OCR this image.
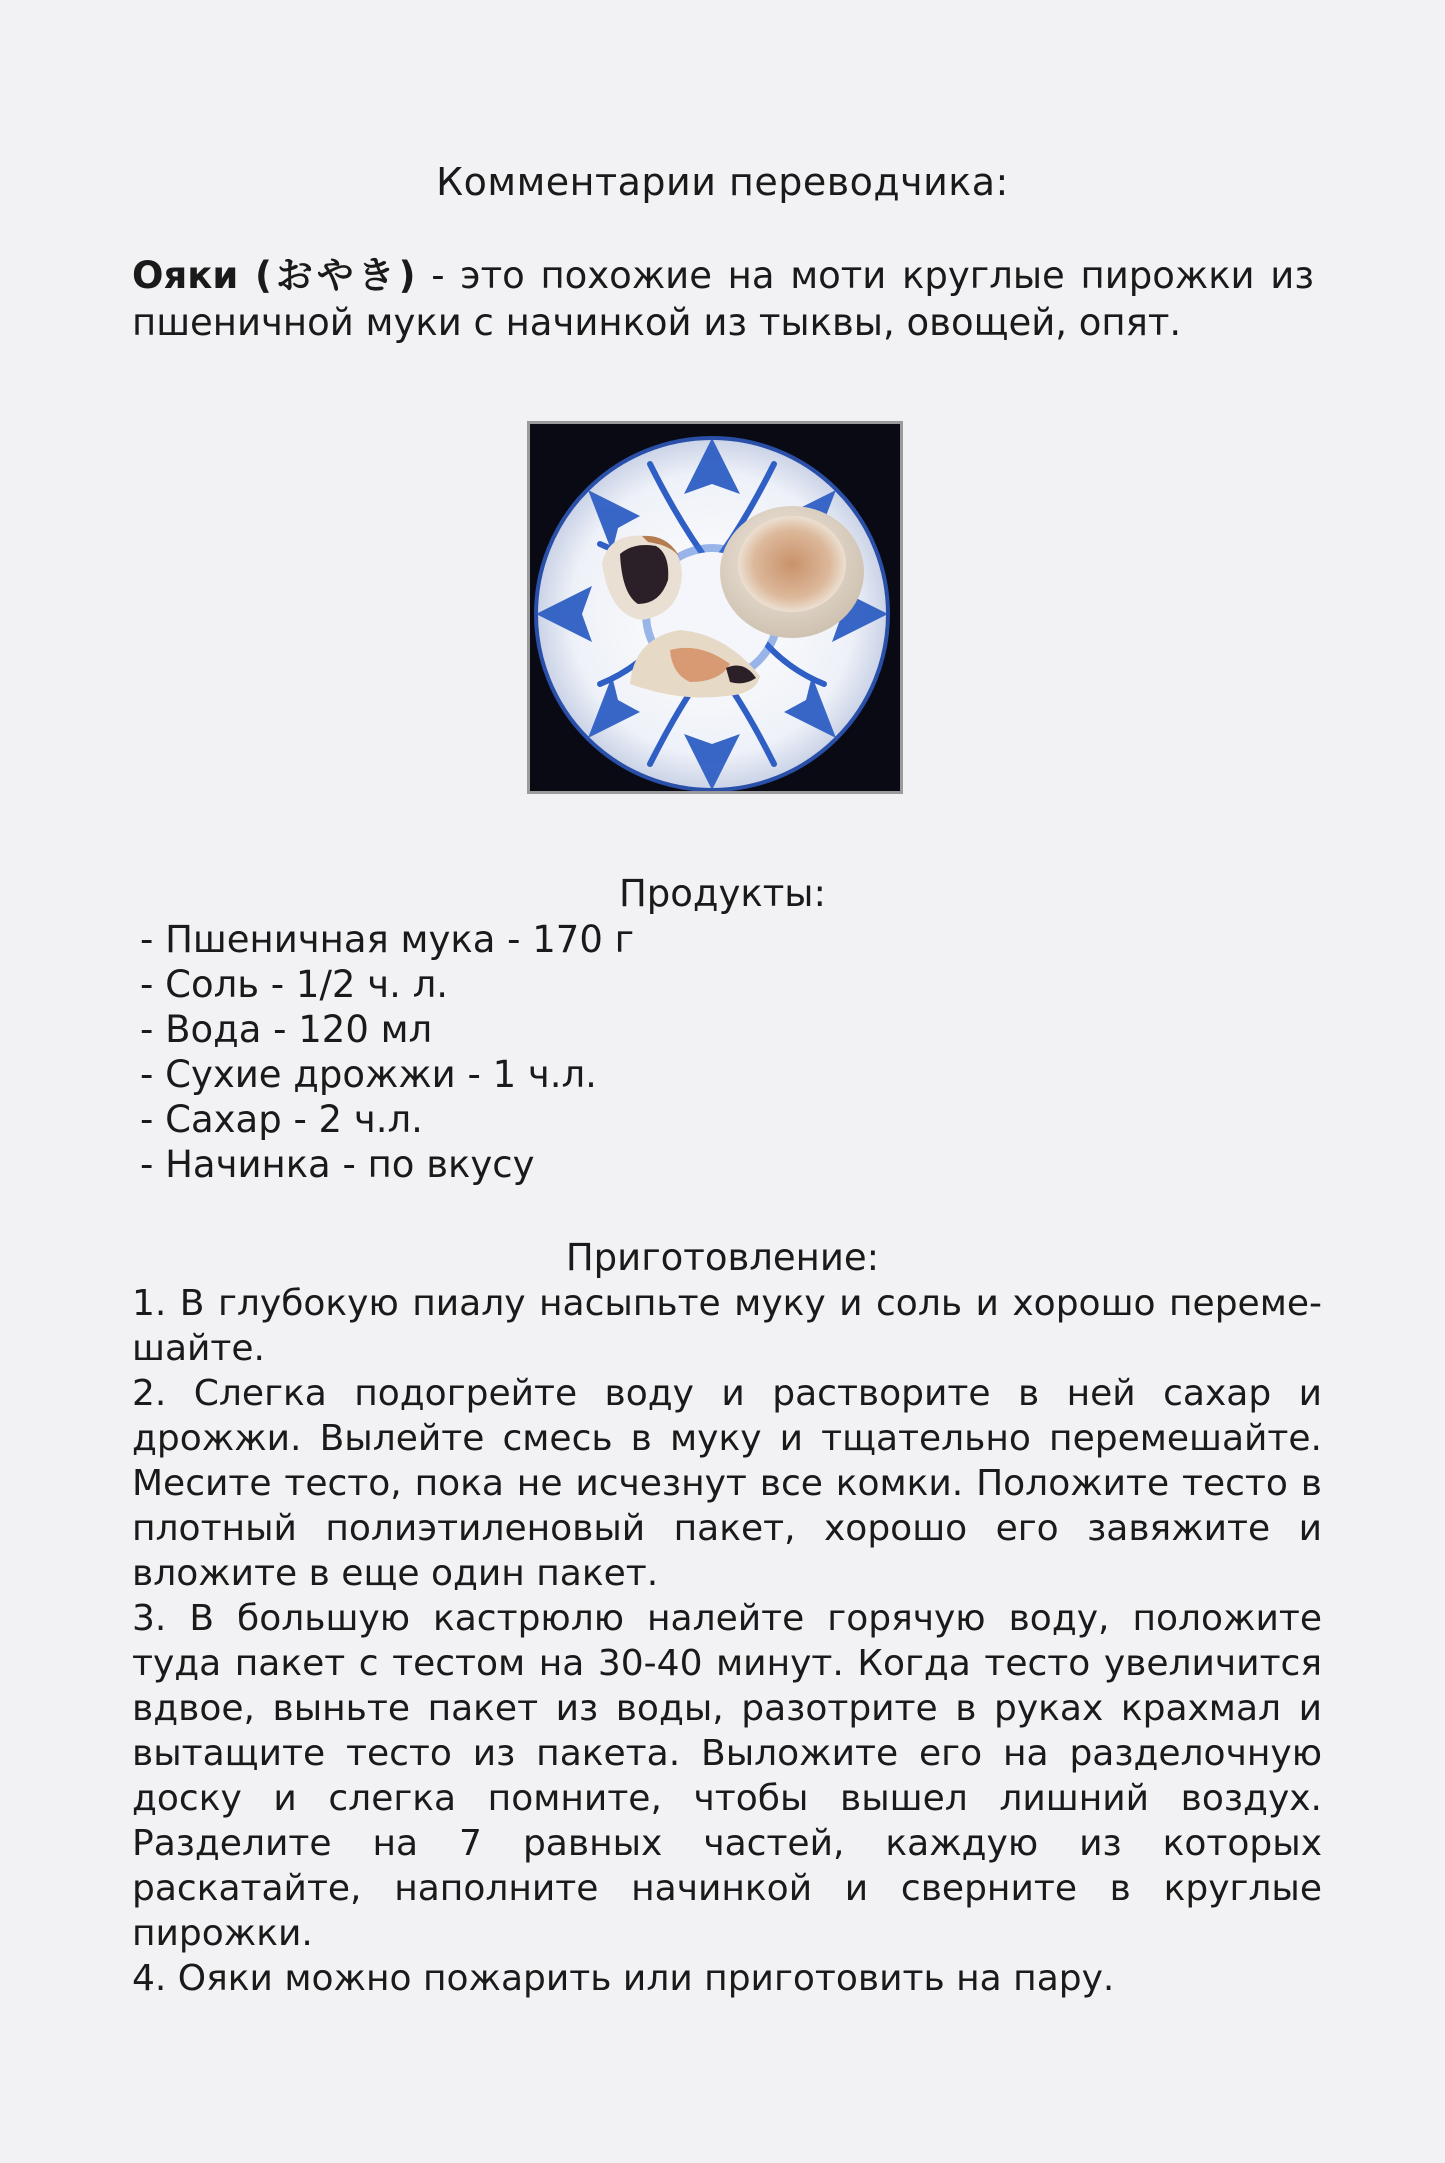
Комментарии переводчика:
Ояки (おやき) - это похожие на моти круглые пирожки из пшеничной муки с начинкой из тыквы, овощей, опят.
Продукты:
- Пшеничная мука - 170 г
- Соль - 1/2 ч. л.
- Вода - 120 мл
- Сухие дрожжи - 1 ч.л.
- Сахар - 2 ч.л.
- Начинка - по вкусу
Приготовление:

1. В глубокую пиалу насыпьте муку и соль и хорошо переме-шайте.

2. Слегка подогрейте воду и растворите в ней сахар и дрожжи. Вылейте смесь в муку и тщательно перемешайте. Месите тесто, пока не исчезнут все комки. Положите тесто в плотный полиэтиленовый пакет, хорошо его завяжите и вложите в еще один пакет.

3. В большую кастрюлю налейте горячую воду, положите туда пакет с тестом на 30-40 минут. Когда тесто увеличится вдвое, выньте пакет из воды, разотрите в руках крахмал и вытащите тесто из пакета. Выложите его на разделочную доску и слегка помните, чтобы вышел лишний воздух. Разделите на 7 равных частей, каждую из которых раскатайте, наполните начинкой и сверните в круглые пирожки.

4. Ояки можно пожарить или приготовить на пару.
